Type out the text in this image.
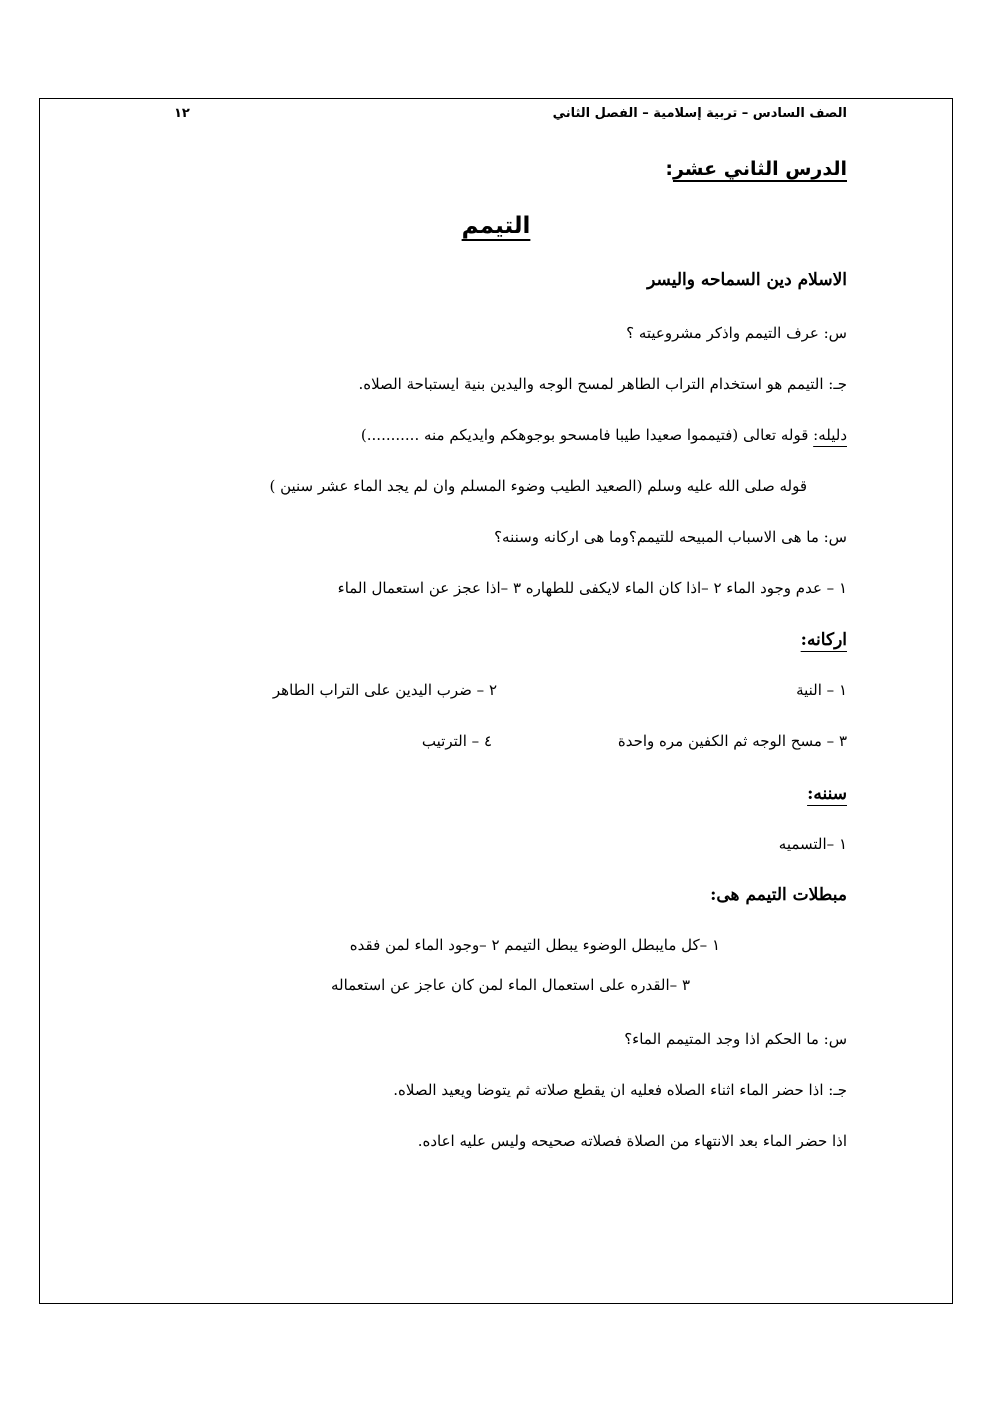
الصف السادس – تربية إسلامية – الفصل الثاني
١٢
الدرس الثاني عشر:
التيمم
الاسلام دين السماحه واليسر
س: عرف التيمم واذكر مشروعيته ؟
جـ: التيمم هو استخدام التراب الطاهر لمسح الوجه واليدين بنية ايستباحة الصلاه.
دليله: قوله تعالى (فتيمموا صعيدا طيبا فامسحو بوجوهكم وايديكم منه ...........)
قوله صلى الله عليه وسلم (الصعيد الطيب وضوء المسلم وان لم يجد الماء عشر سنين )
س: ما هى الاسباب المبيحه للتيمم؟وما هى اركانه وسننه؟
١ – عدم وجود الماء ٢ –اذا كان الماء لايكفى للطهاره ٣ –اذا عجز عن استعمال الماء
اركانه:
١ – النية
٢ – ضرب اليدين على التراب الطاهر
٣ – مسح الوجه ثم الكفين مره واحدة
٤ – الترتيب
سننه:
١ –التسميه
مبطلات التيمم هى:
١ –كل مايبطل الوضوء يبطل التيمم ٢ –وجود الماء لمن فقده
٣ –القدره على استعمال الماء لمن كان عاجز عن استعماله
س: ما الحكم اذا وجد المتيمم الماء؟
جـ: اذا حضر الماء اثناء الصلاه فعليه ان يقطع صلاته ثم يتوضا ويعيد الصلاه.
اذا حضر الماء بعد الانتهاء من الصلاة فصلاته صحيحه وليس عليه اعاده.
